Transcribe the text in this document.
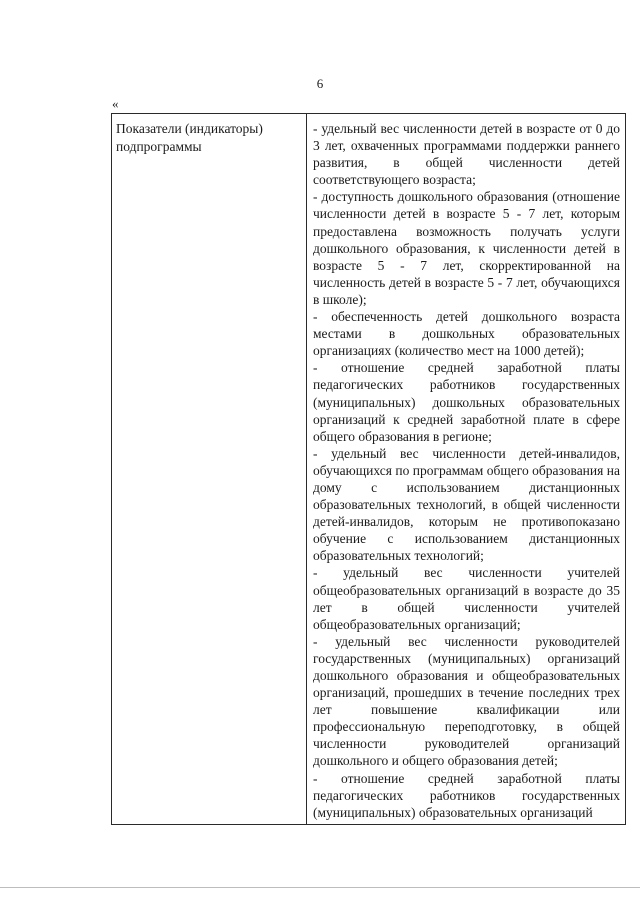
6
«
Показатели (индикаторы) подпрограммы

- удельный вес численности детей в возрасте от 0 до 3 лет, охваченных программами поддержки раннего развития, в общей численности детей соответствующего возраста;

- доступность дошкольного образования (отношение численности детей в возрасте 5 - 7 лет, которым предоставлена возможность получать услуги дошкольного образования, к численности детей в возрасте 5 - 7 лет, скорректированной на численность детей в возрасте 5 - 7 лет, обучающихся в школе);

- обеспеченность детей дошкольного возраста местами в дошкольных образовательных организациях (количество мест на 1000 детей);

- отношение средней заработной платы педагогических работников государственных (муниципальных) дошкольных образовательных организаций к средней заработной плате в сфере общего образования в регионе;

- удельный вес численности детей-инвалидов, обучающихся по программам общего образования на дому с использованием дистанционных образовательных технологий, в общей численности детей-инвалидов, которым не противопоказано обучение с использованием дистанционных образовательных технологий;

- удельный вес численности учителей общеобразовательных организаций в возрасте до 35 лет в общей численности учителей общеобразовательных организаций;

- удельный вес численности руководителей государственных (муниципальных) организаций дошкольного образования и общеобразовательных организаций, прошедших в течение последних трех лет повышение квалификации или профессиональную переподготовку, в общей численности руководителей организаций дошкольного и общего образования детей;

- отношение средней заработной платы педагогических работников государственных (муниципальных) образовательных организаций
